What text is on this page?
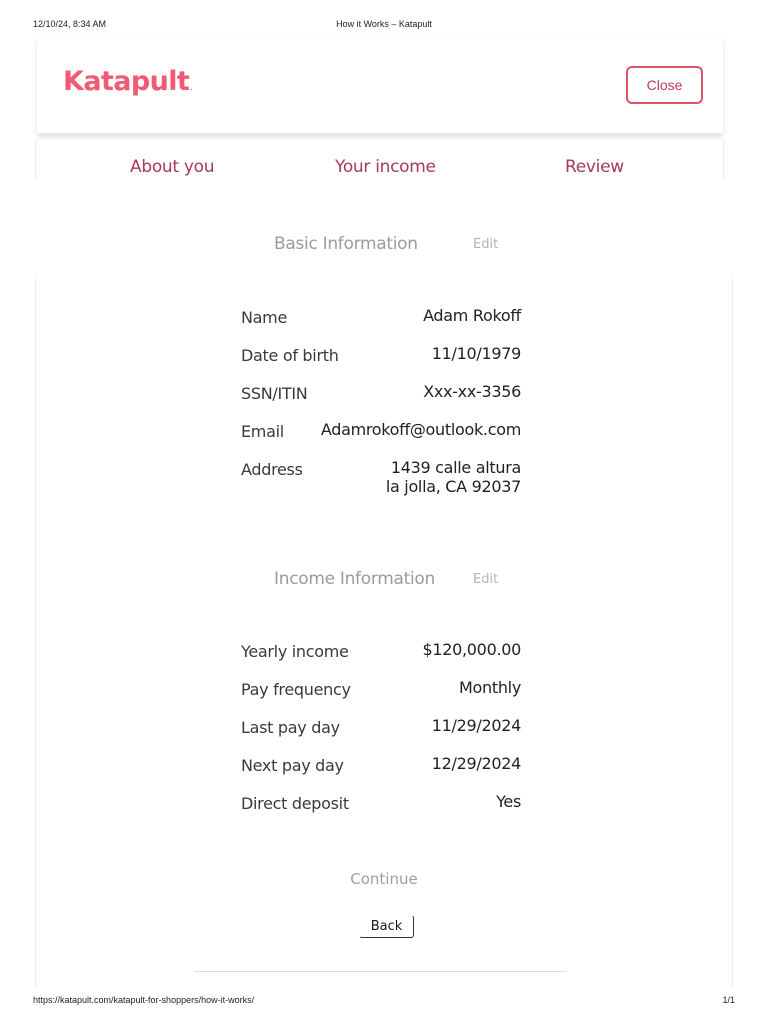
12/10/24, 8:34 AM	How it Works – Katapult
Katapult.	Close
About you	Your income	Review
Basic Information	Edit
Name	Adam Rokoff
Date of birth	11/10/1979
SSN/ITIN	Xxx-xx-3356
Email Adamrokoff@outlook.com
Address	1439 calle altura
la jolla, CA 92037
Income Information	Edit
Yearly income	$120,000.00
Pay frequency	Monthly
Last pay day	11/29/2024
Next pay day	12/29/2024
Direct deposit	Yes
Continue
Back
https://katapult.com/katapult-for-shoppers/how-it-works/	1/1
